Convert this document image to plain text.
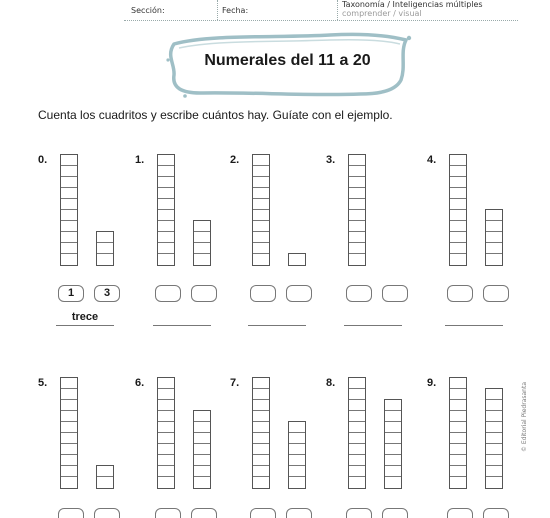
Sección:	Fecha:
Taxonomía / Inteligencias múltiples
comprender / visual
Numerales del 11 a 20
Cuenta los cuadritos y escribe cuántos hay. Guíate con el ejemplo.
0.
1	3
trece
1.	2.	3.	4.
5.	6.	7.	8.	9.	© Editorial Piedrasanta
